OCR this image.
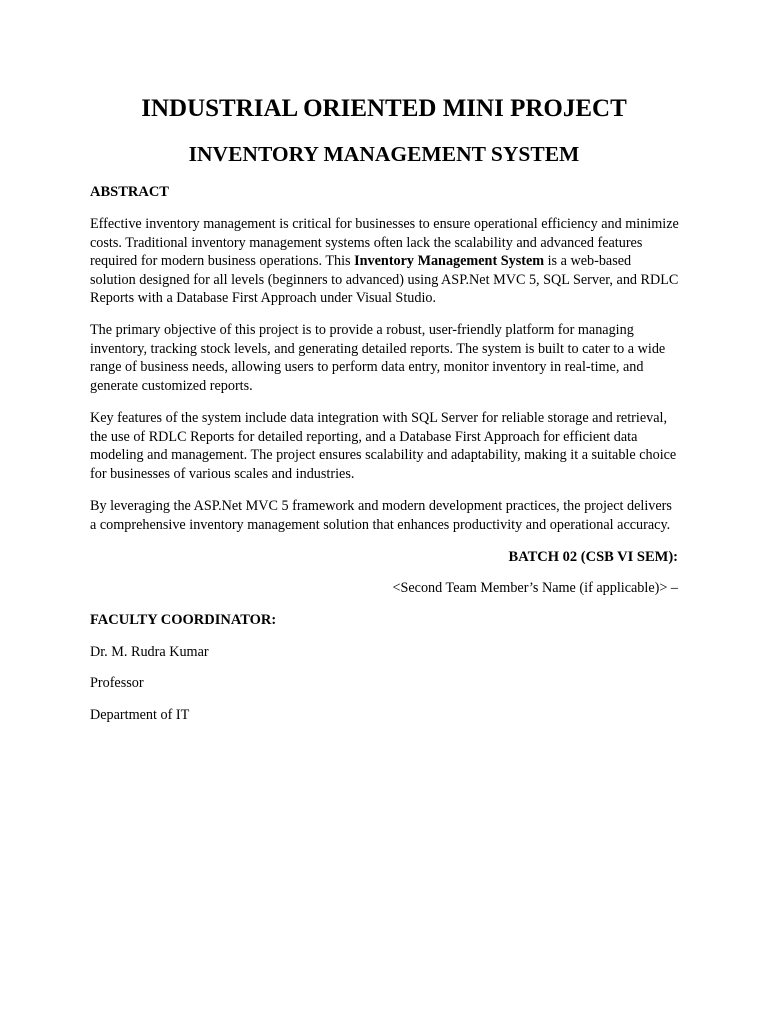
INDUSTRIAL ORIENTED MINI PROJECT
INVENTORY MANAGEMENT SYSTEM

ABSTRACT

Effective inventory management is critical for businesses to ensure operational efficiency and minimize costs. Traditional inventory management systems often lack the scalability and advanced features required for modern business operations. This Inventory Management System is a web-based solution designed for all levels (beginners to advanced) using ASP.Net MVC 5, SQL Server, and RDLC Reports with a Database First Approach under Visual Studio.

The primary objective of this project is to provide a robust, user-friendly platform for managing inventory, tracking stock levels, and generating detailed reports. The system is built to cater to a wide range of business needs, allowing users to perform data entry, monitor inventory in real-time, and generate customized reports.

Key features of the system include data integration with SQL Server for reliable storage and retrieval, the use of RDLC Reports for detailed reporting, and a Database First Approach for efficient data modeling and management. The project ensures scalability and adaptability, making it a suitable choice for businesses of various scales and industries.

By leveraging the ASP.Net MVC 5 framework and modern development practices, the project delivers a comprehensive inventory management solution that enhances productivity and operational accuracy.

BATCH 02 (CSB VI SEM):

<Second Team Member’s Name (if applicable)> –

FACULTY COORDINATOR:

Dr. M. Rudra Kumar

Professor

Department of IT
